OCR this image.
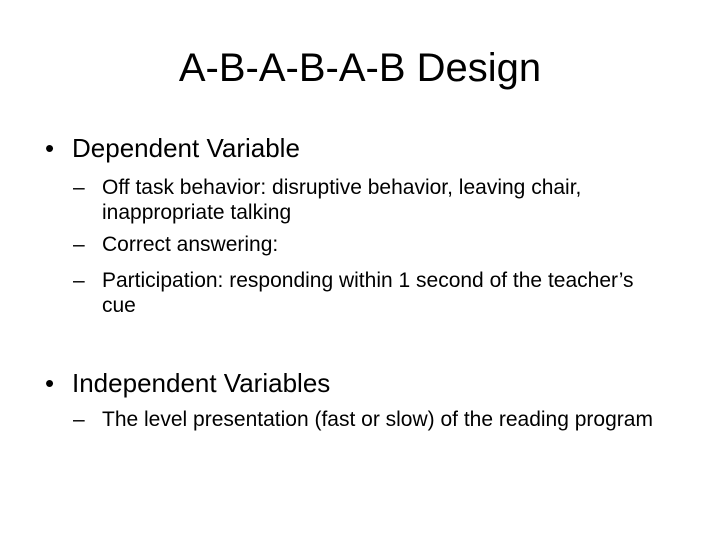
A-B-A-B-A-B Design
• Dependent Variable
– Off task behavior: disruptive behavior, leaving chair, inappropriate talking
– Correct answering:
– Participation: responding within 1 second of the teacher’s cue
• Independent Variables
– The level presentation (fast or slow) of the reading program
